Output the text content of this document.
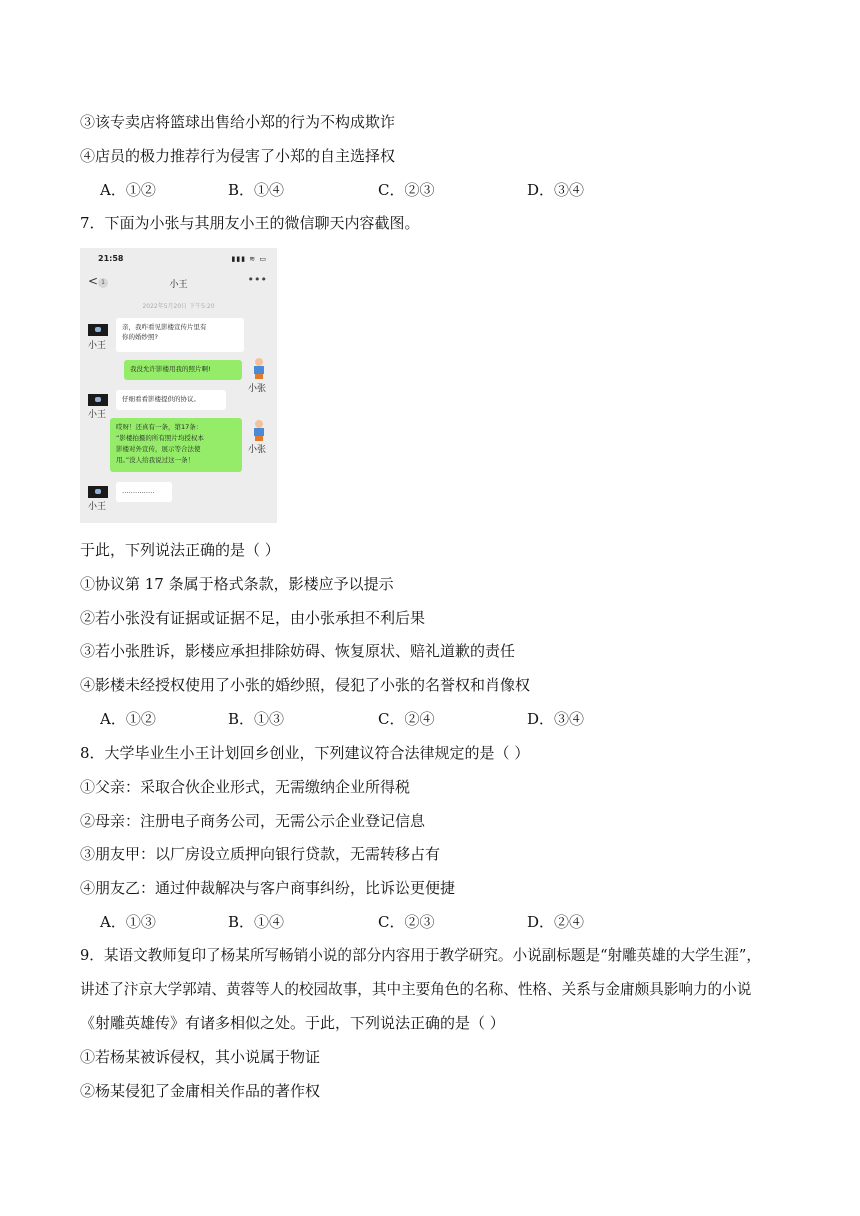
③该专卖店将篮球出售给小郑的行为不构成欺诈
④店员的极力推荐行为侵害了小郑的自主选择权
A．①②	B．①④	C．②③	D．③④
7．下面为小张与其朋友小王的微信聊天内容截图。
21:58	▮▮▮ ≋ ▭
< 1	小王	•••
2022年5月20日 下午5:20
小王
亲，我咋看见影楼宣传片里有
你的婚纱照?
我没允许影楼用我的照片啊!
小张
小王
仔细看看影楼提供的协议。
哎呀！还真有一条，第17条：
“影楼拍摄的所有照片均授权本
影楼对外宣传，展示等合法使
用。”没人给我说过这一条！
小张
小王
……………
于此，下列说法正确的是（ ）
①协议第 17 条属于格式条款，影楼应予以提示
②若小张没有证据或证据不足，由小张承担不利后果
③若小张胜诉，影楼应承担排除妨碍、恢复原状、赔礼道歉的责任
④影楼未经授权使用了小张的婚纱照，侵犯了小张的名誉权和肖像权
A．①②	B．①③	C．②④	D．③④
8．大学毕业生小王计划回乡创业，下列建议符合法律规定的是（ ）
①父亲：采取合伙企业形式，无需缴纳企业所得税
②母亲：注册电子商务公司，无需公示企业登记信息
③朋友甲：以厂房设立质押向银行贷款，无需转移占有
④朋友乙：通过仲裁解决与客户商事纠纷，比诉讼更便捷
A．①③	B．①④	C．②③	D．②④
9．某语文教师复印了杨某所写畅销小说的部分内容用于教学研究。小说副标题是“射雕英雄的大学生涯”，
讲述了汴京大学郭靖、黄蓉等人的校园故事，其中主要角色的名称、性格、关系与金庸颇具影响力的小说
《射雕英雄传》有诸多相似之处。于此，下列说法正确的是（ ）
①若杨某被诉侵权，其小说属于物证
②杨某侵犯了金庸相关作品的著作权
